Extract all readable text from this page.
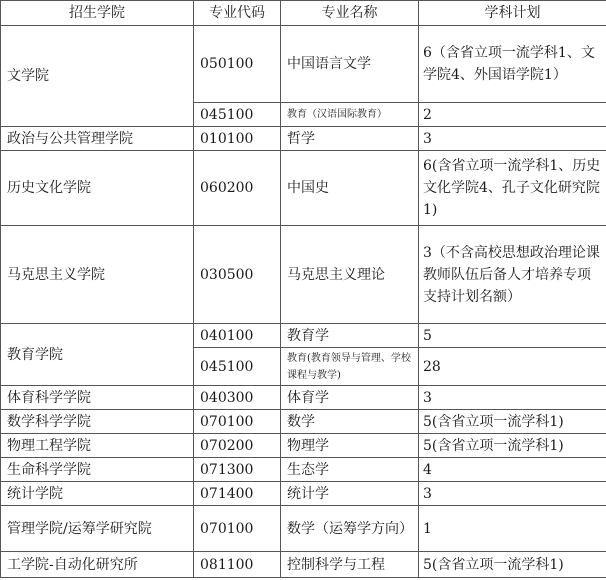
招生学院	专业代码	专业名称	学科计划
文学院	050100	中国语言文学	6（含省立项一流学科1、文学院4、外国语学院1）
	045100	教育（汉语国际教育）	2
政治与公共管理学院	010100	哲学	3
历史文化学院	060200	中国史	6(含省立项一流学科1、历史文化学院4、孔子文化研究院1)
马克思主义学院	030500	马克思主义理论	3（不含高校思想政治理论课教师队伍后备人才培养专项支持计划名额）
教育学院	040100	教育学	5
	045100	教育(教育领导与管理、学校课程与教学)	28
体育科学学院	040300	体育学	3
数学科学学院	070100	数学	5(含省立项一流学科1)
物理工程学院	070200	物理学	5(含省立项一流学科1)
生命科学学院	071300	生态学	4
统计学院	071400	统计学	3
管理学院/运筹学研究院	070100	数学（运筹学方向）	1
工学院-自动化研究所	081100	控制科学与工程	5(含省立项一流学科1)
